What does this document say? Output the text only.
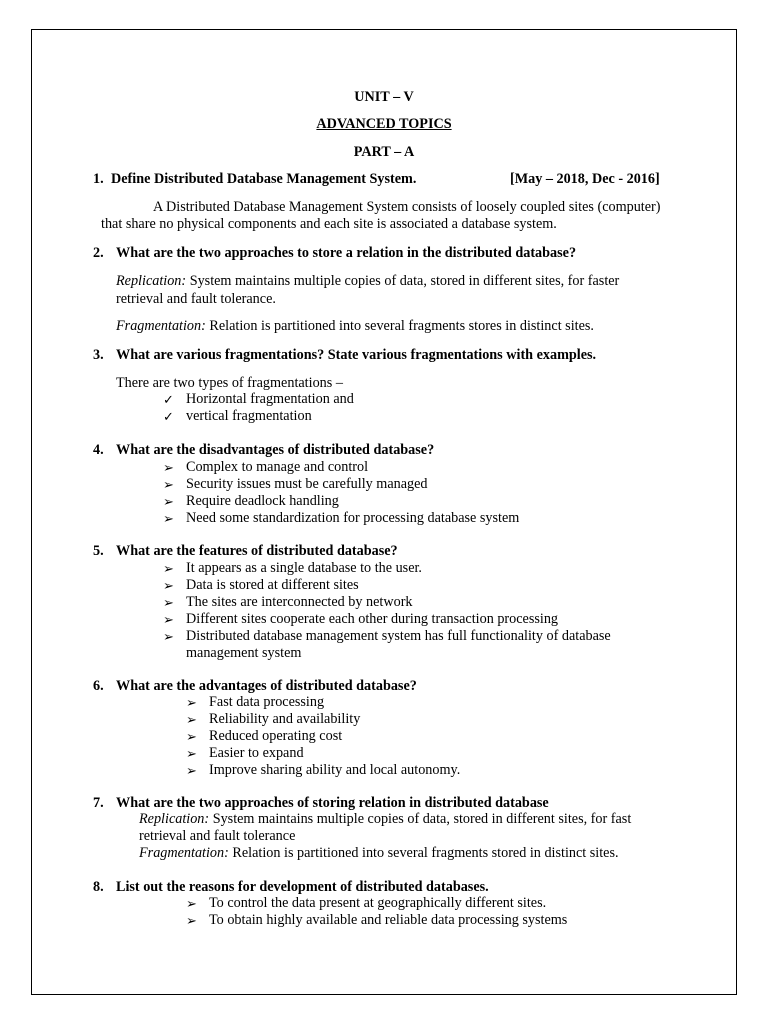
UNIT – V
ADVANCED TOPICS
PART – A
1. Define Distributed Database Management System.	[May – 2018, Dec - 2016]
A Distributed Database Management System consists of loosely coupled sites (computer)
that share no physical components and each site is associated a database system.
2. What are the two approaches to store a relation in the distributed database?
Replication: System maintains multiple copies of data, stored in different sites, for faster
retrieval and fault tolerance.
Fragmentation: Relation is partitioned into several fragments stores in distinct sites.
3. What are various fragmentations? State various fragmentations with examples.
There are two types of fragmentations –
✓ Horizontal fragmentation and
✓ vertical fragmentation
4. What are the disadvantages of distributed database?
➢ Complex to manage and control
➢ Security issues must be carefully managed
➢ Require deadlock handling
➢ Need some standardization for processing database system
5. What are the features of distributed database?
➢ It appears as a single database to the user.
➢ Data is stored at different sites
➢ The sites are interconnected by network
➢ Different sites cooperate each other during transaction processing
➢ Distributed database management system has full functionality of database
management system
6. What are the advantages of distributed database?
➢ Fast data processing
➢ Reliability and availability
➢ Reduced operating cost
➢ Easier to expand
➢ Improve sharing ability and local autonomy.
7. What are the two approaches of storing relation in distributed database
Replication: System maintains multiple copies of data, stored in different sites, for fast
retrieval and fault tolerance
Fragmentation: Relation is partitioned into several fragments stored in distinct sites.
8. List out the reasons for development of distributed databases.
➢ To control the data present at geographically different sites.
➢ To obtain highly available and reliable data processing systems
